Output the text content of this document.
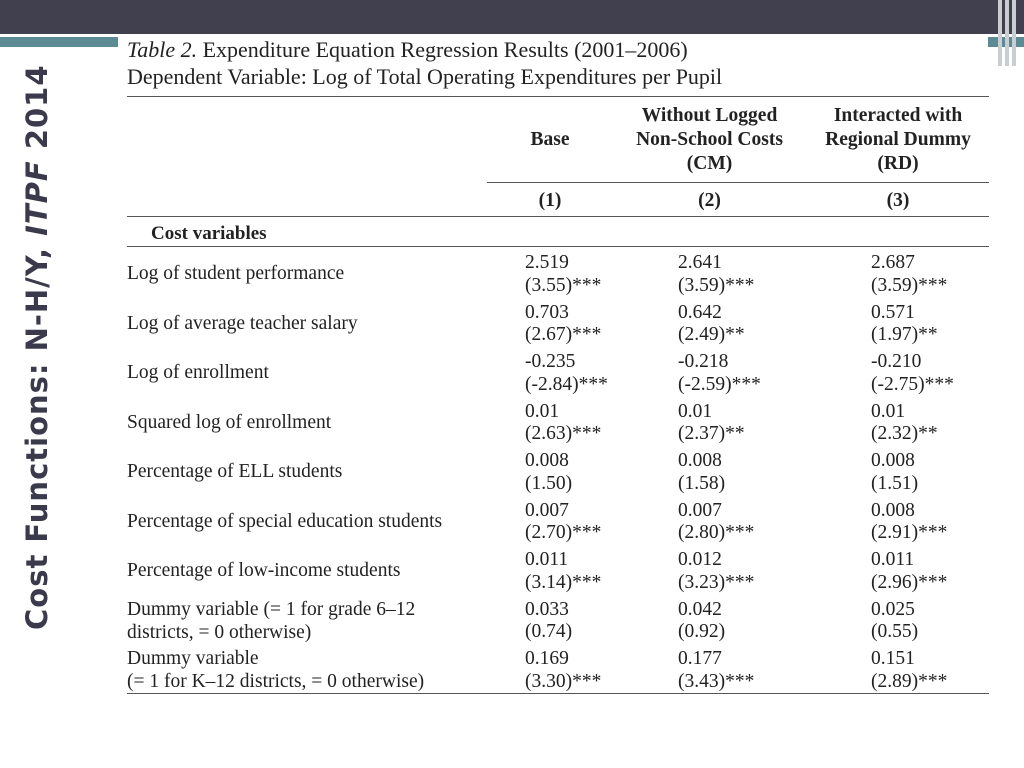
Cost Functions: N-H/Y, ITPF 2014
Table 2. Expenditure Equation Regression Results (2001–2006)
Dependent Variable: Log of Total Operating Expenditures per Pupil
Base
Without Logged
Non-School Costs
(CM)
Interacted with
Regional Dummy
(RD)
(1)	(2)	(3)
Cost variables
Log of student performance
2.519
(3.55)***
2.641
(3.59)***
2.687
(3.59)***
Log of average teacher salary
0.703
(2.67)***
0.642
(2.49)**
0.571
(1.97)**
Log of enrollment
-0.235
(-2.84)***
-0.218
(-2.59)***
-0.210
(-2.75)***
Squared log of enrollment
0.01
(2.63)***
0.01
(2.37)**
0.01
(2.32)**
Percentage of ELL students
0.008
(1.50)
0.008
(1.58)
0.008
(1.51)
Percentage of special education students
0.007
(2.70)***
0.007
(2.80)***
0.008
(2.91)***
Percentage of low-income students
0.011
(3.14)***
0.012
(3.23)***
0.011
(2.96)***
Dummy variable (= 1 for grade 6–12
districts, = 0 otherwise)
0.033
(0.74)
0.042
(0.92)
0.025
(0.55)
Dummy variable
(= 1 for K–12 districts, = 0 otherwise)
0.169
(3.30)***
0.177
(3.43)***
0.151
(2.89)***
